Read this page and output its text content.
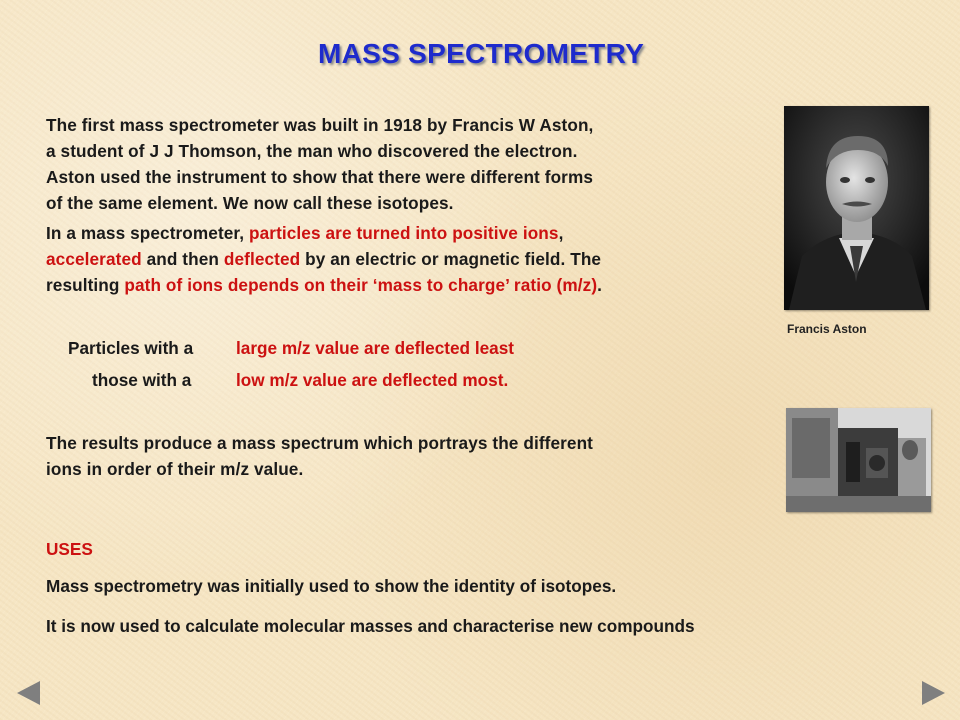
MASS SPECTROMETRY
The first mass spectrometer was built in 1918 by Francis W Aston,
a student of J J Thomson, the man who discovered the electron.
Aston used the instrument to show that there were different forms
of the same element. We now call these isotopes.
In a mass spectrometer, particles are turned into positive ions,
accelerated and then deflected by an electric or magnetic field. The
resulting path of ions depends on their ‘mass to charge’ ratio (m/z).
Particles with a large m/z value are deflected least
those with a	low m/z value are deflected most.
The results produce a mass spectrum which portrays the different
ions in order of their m/z value.
USES
Mass spectrometry was initially used to show the identity of isotopes.
It is now used to calculate molecular masses and characterise new compounds
Francis Aston
